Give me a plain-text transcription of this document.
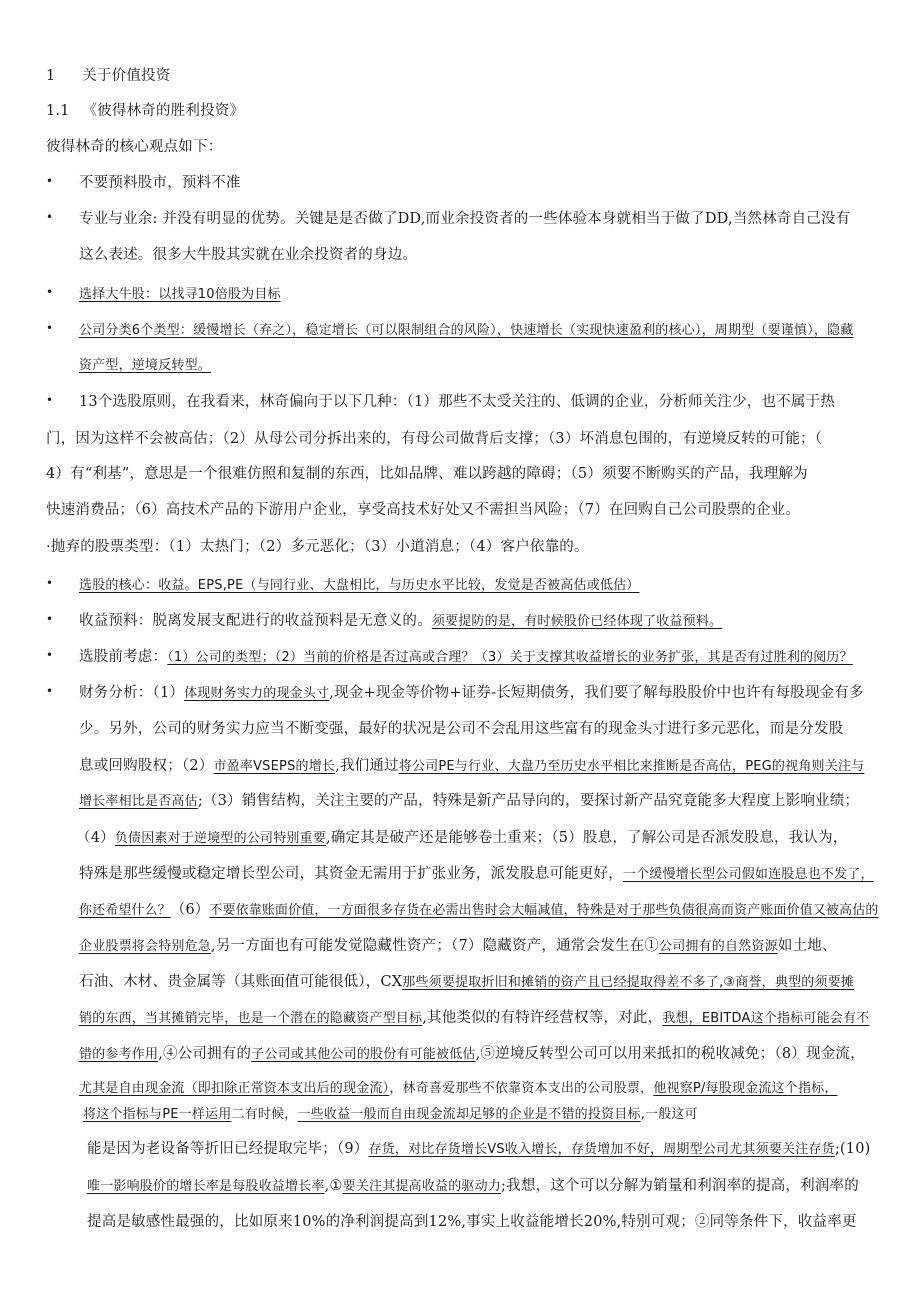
1 关于价值投资
1.1 《彼得林奇的胜利投资》
彼得林奇的核心观点如下：
• 不要预料股市，预料不准
• 专业与业余: 并没有明显的优势。关键是是否做了DD,而业余投资者的一些体验本身就相当于做了DD,当然林奇自己没有
这么表述。很多大牛股其实就在业余投资者的身边。
• 选择大牛股：以找寻10倍股为目标
• 公司分类6个类型：缓慢增长（弃之），稳定增长（可以限制组合的风险），快速增长（实现快速盈利的核心），周期型（要谨慎），隐藏
资产型，逆境反转型。
• 13个选股原则，在我看来，林奇偏向于以下几种：（1）那些不太受关注的、低调的企业，分析师关注少，也不属于热
门，因为这样不会被高估；（2）从母公司分拆出来的，有母公司做背后支撑；（3）坏消息包围的，有逆境反转的可能；（
4）有“利基”，意思是一个很难仿照和复制的东西，比如品牌、难以跨越的障碍；（5）须要不断购买的产品，我理解为
快速消费品；（6）高技术产品的下游用户企业，享受高技术好处又不需担当风险；（7）在回购自己公司股票的企业。
·抛弃的股票类型：（1）太热门；（2）多元恶化；（3）小道消息；（4）客户依靠的。
• 选股的核心：收益。EPS,PE（与同行业、大盘相比，与历史水平比较，发觉是否被高估或低估）
• 收益预料：脱离发展支配进行的收益预料是无意义的。须要提防的是，有时候股价已经体现了收益预料。
• 选股前考虑：（1）公司的类型；（2）当前的价格是否过高或合理？（3）关于支撑其收益增长的业务扩张，其是否有过胜利的阅历？
• 财务分析：（1）体现财务实力的现金头寸,现金+现金等价物+证券-长短期债务，我们要了解每股股价中也许有每股现金有多
少。另外，公司的财务实力应当不断变强，最好的状况是公司不会乱用这些富有的现金头寸进行多元恶化，而是分发股
息或回购股权；（2）市盈率VSEPS的增长,我们通过将公司PE与行业、大盘乃至历史水平相比来推断是否高估，PEG的视角则关注与
增长率相比是否高估;（3）销售结构，关注主要的产品，特殊是新产品导向的，要探讨新产品究竟能多大程度上影响业绩；
（4）负债因素对于逆境型的公司特别重要,确定其是破产还是能够卷土重来；（5）股息，了解公司是否派发股息，我认为，
特殊是那些缓慢或稳定增长型公司，其资金无需用于扩张业务，派发股息可能更好，一个缓慢增长型公司假如连股息也不发了，
你还希望什么？（6）不要依靠账面价值，一方面很多存货在必需出售时会大幅减值，特殊是对于那些负债很高而资产账面价值又被高估的
企业股票将会特别危急,另一方面也有可能发觉隐藏性资产；（7）隐藏资产，通常会发生在①公司拥有的自然资源如土地、
石油、木材、贵金属等（其账面值可能很低），CX那些须要提取折旧和摊销的资产且已经提取得差不多了,③商誉，典型的须要摊
销的东西，当其摊销完毕，也是一个潜在的隐藏资产型目标,其他类似的有特许经营权等，对此，我想，EBITDA这个指标可能会有不
错的参考作用,④公司拥有的子公司或其他公司的股份有可能被低估,⑤逆境反转型公司可以用来抵扣的税收减免；（8）现金流，
尤其是自由现金流（即扣除正常资本支出后的现金流），林奇喜爱那些不依靠资本支出的公司股票，他视察P/每股现金流这个指标，
将这个指标与PE一样运用二有时候，一些收益一般而自由现金流却足够的企业是不错的投资目标,一般这可
能是因为老设备等折旧已经提取完毕；（9）存货，对比存货增长VS收入增长，存货增加不好，周期型公司尤其须要关注存货;(10)
唯一影响股价的增长率是每股收益增长率,①要关注其提高收益的驱动力;我想，这个可以分解为销量和利润率的提高，利润率的
提高是敏感性最强的，比如原来10%的净利润提高到12%,事实上收益能增长20%,特别可观；②同等条件下，收益率更
